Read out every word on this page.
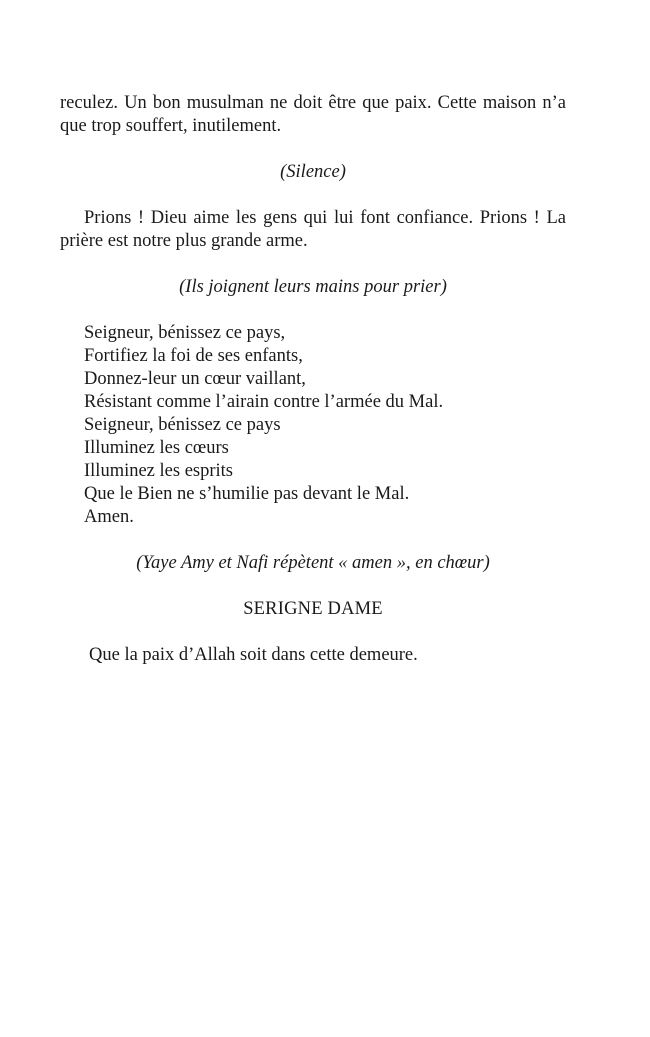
reculez. Un bon musulman ne doit être que paix. Cette maison n’a que trop souffert, inutilement.

(Silence)

Prions ! Dieu aime les gens qui lui font confiance. Prions ! La prière est notre plus grande arme.

(Ils joignent leurs mains pour prier)

Seigneur, bénissez ce pays,
Fortifiez la foi de ses enfants,
Donnez-leur un cœur vaillant,
Résistant comme l’airain contre l’armée du Mal.
Seigneur, bénissez ce pays
Illuminez les cœurs
Illuminez les esprits
Que le Bien ne s’humilie pas devant le Mal.
Amen.

(Yaye Amy et Nafi répètent « amen », en chœur)

SERIGNE DAME

Que la paix d’Allah soit dans cette demeure.
